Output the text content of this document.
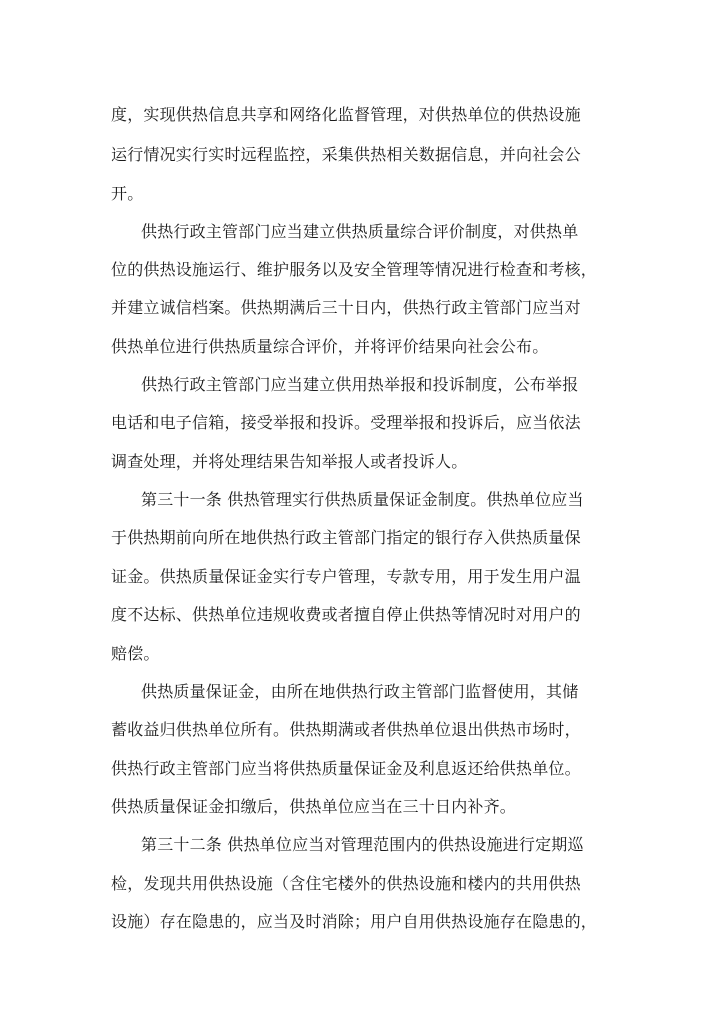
度，实现供热信息共享和网络化监督管理，对供热单位的供热设施
运行情况实行实时远程监控，采集供热相关数据信息，并向社会公
开。
供热行政主管部门应当建立供热质量综合评价制度，对供热单
位的供热设施运行、维护服务以及安全管理等情况进行检查和考核，
并建立诚信档案。供热期满后三十日内，供热行政主管部门应当对
供热单位进行供热质量综合评价，并将评价结果向社会公布。
供热行政主管部门应当建立供用热举报和投诉制度，公布举报
电话和电子信箱，接受举报和投诉。受理举报和投诉后，应当依法
调查处理，并将处理结果告知举报人或者投诉人。
第三十一条 供热管理实行供热质量保证金制度。供热单位应当
于供热期前向所在地供热行政主管部门指定的银行存入供热质量保
证金。供热质量保证金实行专户管理，专款专用，用于发生用户温
度不达标、供热单位违规收费或者擅自停止供热等情况时对用户的
赔偿。
供热质量保证金，由所在地供热行政主管部门监督使用，其储
蓄收益归供热单位所有。供热期满或者供热单位退出供热市场时，
供热行政主管部门应当将供热质量保证金及利息返还给供热单位。
供热质量保证金扣缴后，供热单位应当在三十日内补齐。
第三十二条 供热单位应当对管理范围内的供热设施进行定期巡
检，发现共用供热设施（含住宅楼外的供热设施和楼内的共用供热
设施）存在隐患的，应当及时消除；用户自用供热设施存在隐患的，
